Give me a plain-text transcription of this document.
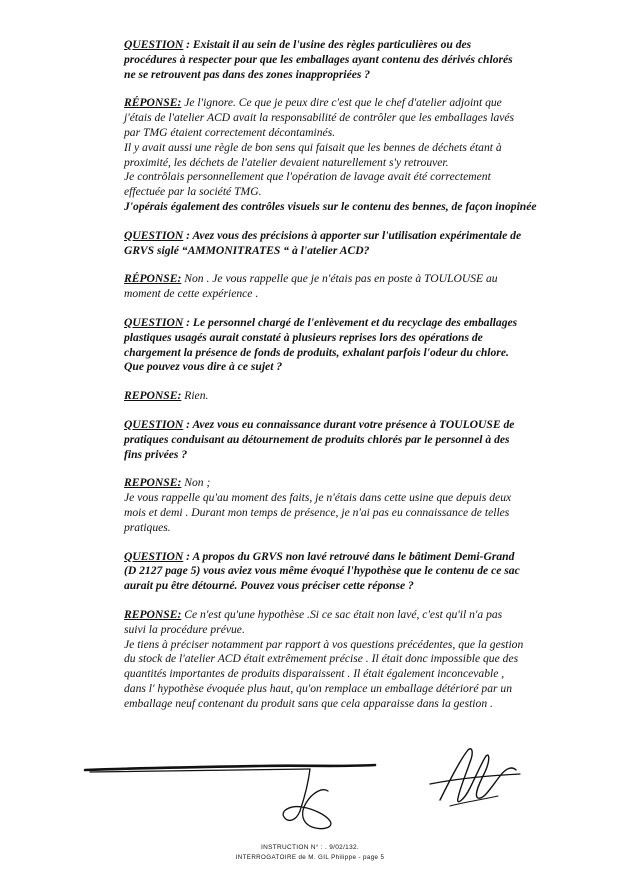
QUESTION : Existait il au sein de l'usine des règles particulières ou des

procédures à respecter pour que les emballages ayant contenu des dérivés chlorés

ne se retrouvent pas dans des zones inappropriées ?

RÉPONSE: Je l'ignore. Ce que je peux dire c'est que le chef d'atelier adjoint que

j'étais de l'atelier ACD avait la responsabilité de contrôler que les emballages lavés

par TMG étaient correctement décontaminés.

Il y avait aussi une règle de bon sens qui faisait que les bennes de déchets étant à

proximité, les déchets de l'atelier devaient naturellement s'y retrouver.

Je contrôlais personnellement que l'opération de lavage avait été correctement

effectuée par la société TMG.

J'opérais également des contrôles visuels sur le contenu des bennes, de façon inopinée

QUESTION : Avez vous des précisions à apporter sur l'utilisation expérimentale de

GRVS siglé “AMMONITRATES “ à l'atelier ACD?

RÉPONSE: Non . Je vous rappelle que je n'étais pas en poste à TOULOUSE au

moment de cette expérience .

QUESTION : Le personnel chargé de l'enlèvement et du recyclage des emballages

plastiques usagés aurait constaté à plusieurs reprises lors des opérations de

chargement la présence de fonds de produits, exhalant parfois l'odeur du chlore.

Que pouvez vous dire à ce sujet ?

REPONSE: Rien.

QUESTION : Avez vous eu connaissance durant votre présence à TOULOUSE de

pratiques conduisant au détournement de produits chlorés par le personnel à des

fins privées ?

REPONSE: Non ;

Je vous rappelle qu'au moment des faits, je n'étais dans cette usine que depuis deux

mois et demi . Durant mon temps de présence, je n'ai pas eu connaissance de telles

pratiques.

QUESTION : A propos du GRVS non lavé retrouvé dans le bâtiment Demi-Grand

(D 2127 page 5) vous aviez vous même évoqué l'hypothèse que le contenu de ce sac

aurait pu être détourné. Pouvez vous préciser cette réponse ?

REPONSE: Ce n'est qu'une hypothèse .Si ce sac était non lavé, c'est qu'il n'a pas

suivi la procédure prévue.

Je tiens à préciser notamment par rapport à vos questions précédentes, que la gestion

du stock de l'atelier ACD était extrêmement précise . Il était donc impossible que des

quantités importantes de produits disparaissent . Il était également inconcevable ,

dans l' hypothèse évoquée plus haut, qu'on remplace un emballage détérioré par un

emballage neuf contenant du produit sans que cela apparaisse dans la gestion .

INSTRUCTION N° : . 9/02/132.
INTERROGATOIRE de M. GIL Philippe - page 5
